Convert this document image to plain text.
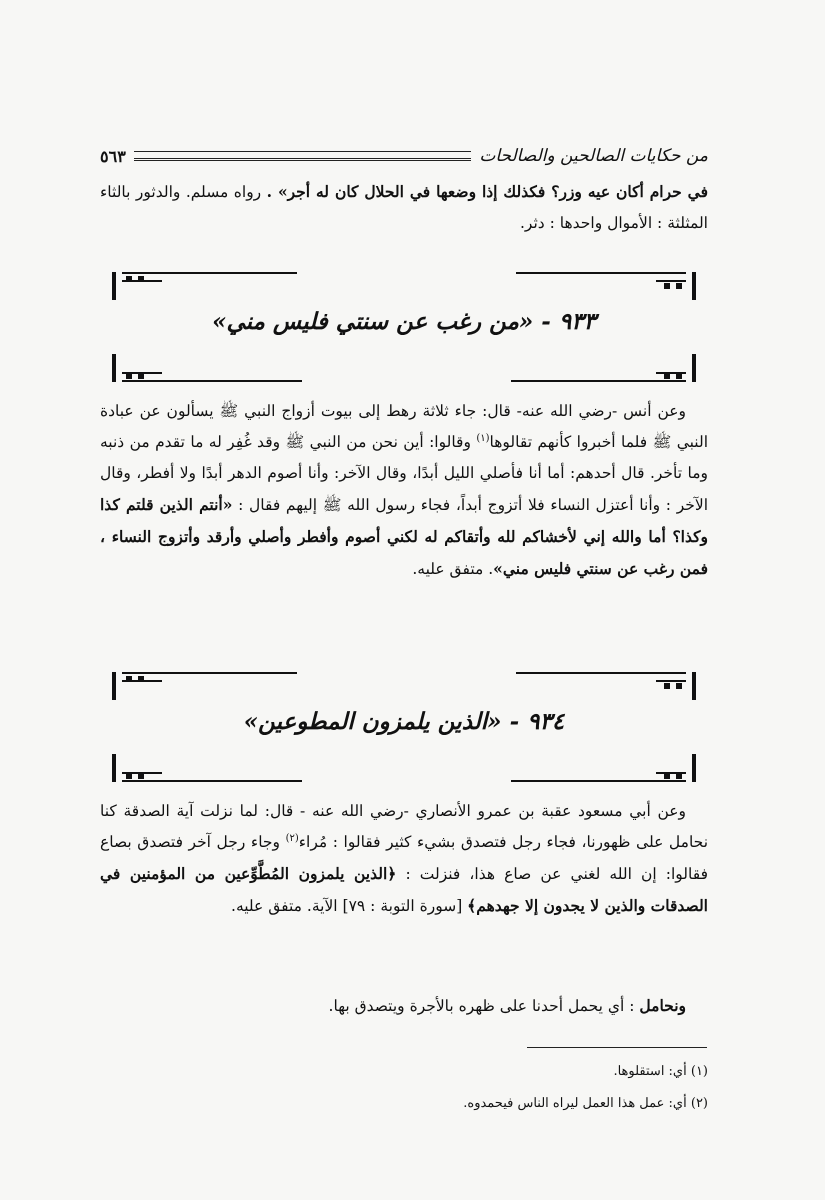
من حكايات الصالحين والصالحات
٥٦٣

في حرام أكان عيه وزر؟ فكذلك إذا وضعها في الحلال كان له أجر» . رواه مسلم. والدثور بالثاء المثلثة : الأموال واحدها : دثر.

٩٣٣ - «من رغب عن سنتي فليس مني»

وعن أنس -رضي الله عنه- قال: جاء ثلاثة رهط إلى بيوت أزواج النبي ﷺ يسألون عن عبادة النبي ﷺ فلما أخبروا كأنهم تقالوها$^{(١)}$ وقالوا: أين نحن من النبي ﷺ وقد غُفِر له ما تقدم من ذنبه وما تأخر. قال أحدهم: أما أنا فأصلي الليل أبدًا، وقال الآخر: وأنا أصوم الدهر أبدًا ولا أفطر، وقال الآخر : وأنا أعتزل النساء فلا أتزوج أبداً، فجاء رسول الله ﷺ إليهم فقال : «أنتم الذين قلتم كذا وكذا؟ أما والله إني لأخشاكم لله وأتقاكم له لكني أصوم وأفطر وأصلي وأرقد وأتزوج النساء ، فمن رغب عن سنتي فليس مني». متفق عليه.

٩٣٤ - «الذين يلمزون المطوعين»

وعن أبي مسعود عقبة بن عمرو الأنصاري -رضي الله عنه - قال: لما نزلت آية الصدقة كنا نحامل على ظهورنا، فجاء رجل فتصدق بشيء كثير فقالوا : مُراء$^{(٢)}$ وجاء رجل آخر فتصدق بصاع فقالوا: إن الله لغني عن صاع هذا، فنزلت : ﴿الذين يلمزون المُطَّوِّعين من المؤمنين في الصدقات والذين لا يجدون إلا جهدهم﴾ [سورة التوبة : ٧٩] الآية. متفق عليه.

ونحامل : أي يحمل أحدنا على ظهره بالأجرة ويتصدق بها.

(١) أي: استقلوها.

(٢) أي: عمل هذا العمل ليراه الناس فيحمدوه.
